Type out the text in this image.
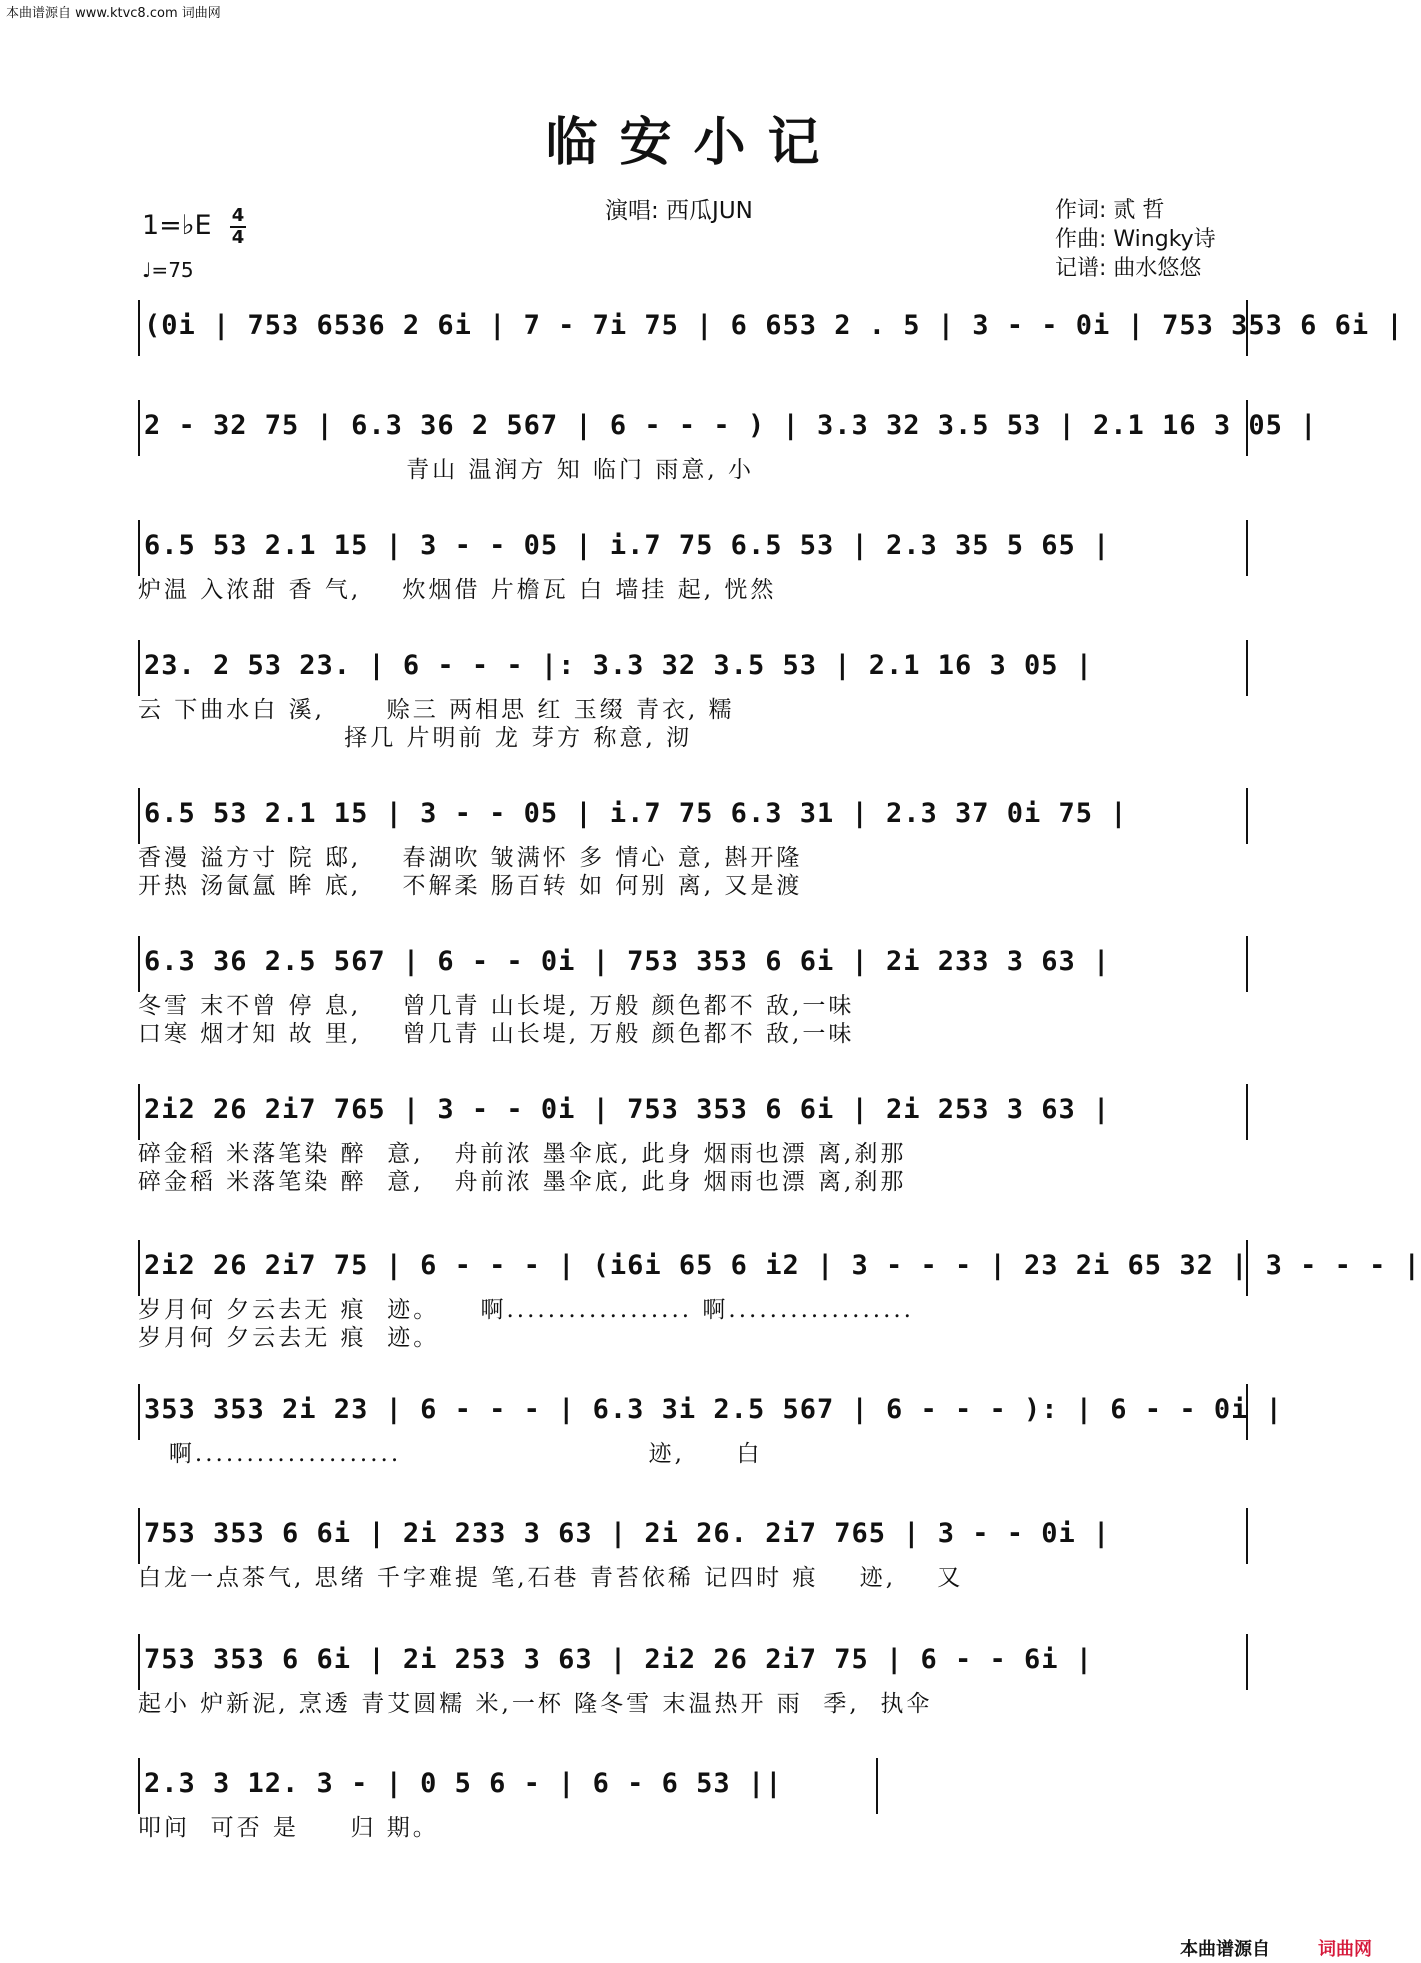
本曲谱源自 www.ktvc8.com 词曲网
临安小记
演唱: 西瓜JUN	作词: 贰 哲
作曲: Wingky诗
记谱: 曲水悠悠
1=♭E 4
4
♩=75
(0i | 753 6536 2 6i | 7 - 7i 75 | 6 653 2 . 5 | 3 - - 0i | 753 353 6 6i |
2 - 32 75 | 6.3 36 2 567 | 6 - - - ) | 3.3 32 3.5 53 | 2.1 16 3 05 |
青山 温润方 知 临门 雨意, 小
6.5 53 2.1 15 | 3 - - 05 | i.7 75 6.5 53 | 2.3 35 5 65 |
炉温 入浓甜 香 气,    炊烟借 片檐瓦 白 墙挂 起, 恍然
23. 2 53 23. | 6 - - - |: 3.3 32 3.5 53 | 2.1 16 3 05 |
云 下曲水白 溪,      赊三 两相思 红 玉缀 青衣, 糯
择几 片明前 龙 芽方 称意, 沏
6.5 53 2.1 15 | 3 - - 05 | i.7 75 6.3 31 | 2.3 37 0i 75 |
香漫 溢方寸 院 邸,    春湖吹 皱满怀 多 情心 意, 斟开隆
开热 汤氤氲 眸 底,    不解柔 肠百转 如 何别 离, 又是渡
6.3 36 2.5 567 | 6 - - 0i | 753 353 6 6i | 2i 233 3 63 |
冬雪 末不曾 停 息,    曾几青 山长堤, 万般 颜色都不 敌,一味
口寒 烟才知 故 里,    曾几青 山长堤, 万般 颜色都不 敌,一味
2i2 26 2i7 765 | 3 - - 0i | 753 353 6 6i | 2i 253 3 63 |
碎金稻 米落笔染 醉  意,   舟前浓 墨伞底, 此身 烟雨也漂 离,刹那
碎金稻 米落笔染 醉  意,   舟前浓 墨伞底, 此身 烟雨也漂 离,刹那
2i2 26 2i7 75 | 6 - - - | (i6i 65 6 i2 | 3 - - - | 23 2i 65 32 | 3 - - - |
岁月何 夕云去无 痕  迹。    啊.................. 啊..................
岁月何 夕云去无 痕  迹。
353 353 2i 23 | 6 - - - | 6.3 3i 2.5 567 | 6 - - - ): | 6 - - 0i |
啊....................                        迹,     白
753 353 6 6i | 2i 233 3 63 | 2i 26. 2i7 765 | 3 - - 0i |
白龙一点茶气, 思绪 千字难提 笔,石巷 青苔依稀 记四时 痕    迹,    又
753 353 6 6i | 2i 253 3 63 | 2i2 26 2i7 75 | 6 - - 6i |
起小 炉新泥, 烹透 青艾圆糯 米,一杯 隆冬雪 末温热开 雨  季,  执伞
2.3 3 12. 3 - | 0 5 6 - | 6 - 6 53 ||
叩问  可否 是     归 期。
本曲谱源自	词曲网
